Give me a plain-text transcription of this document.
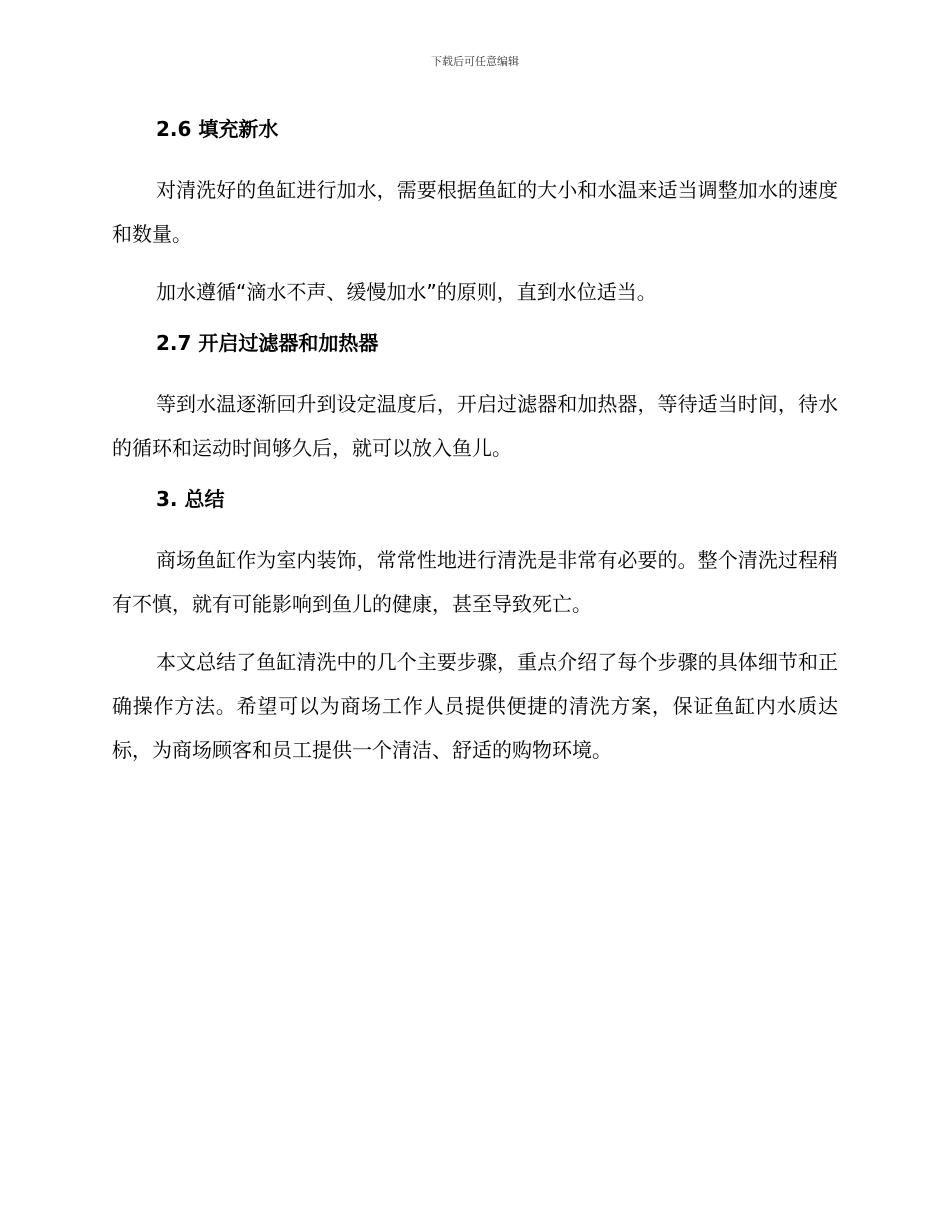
下载后可任意编辑
2.6 填充新水

对清洗好的鱼缸进行加水，需要根据鱼缸的大小和水温来适当调整加水的速度和数量。

加水遵循“滴水不声、缓慢加水”的原则，直到水位适当。

2.7 开启过滤器和加热器

等到水温逐渐回升到设定温度后，开启过滤器和加热器，等待适当时间，待水的循环和运动时间够久后，就可以放入鱼儿。

3. 总结

商场鱼缸作为室内装饰，常常性地进行清洗是非常有必要的。整个清洗过程稍有不慎，就有可能影响到鱼儿的健康，甚至导致死亡。

本文总结了鱼缸清洗中的几个主要步骤，重点介绍了每个步骤的具体细节和正确操作方法。希望可以为商场工作人员提供便捷的清洗方案，保证鱼缸内水质达标，为商场顾客和员工提供一个清洁、舒适的购物环境。
